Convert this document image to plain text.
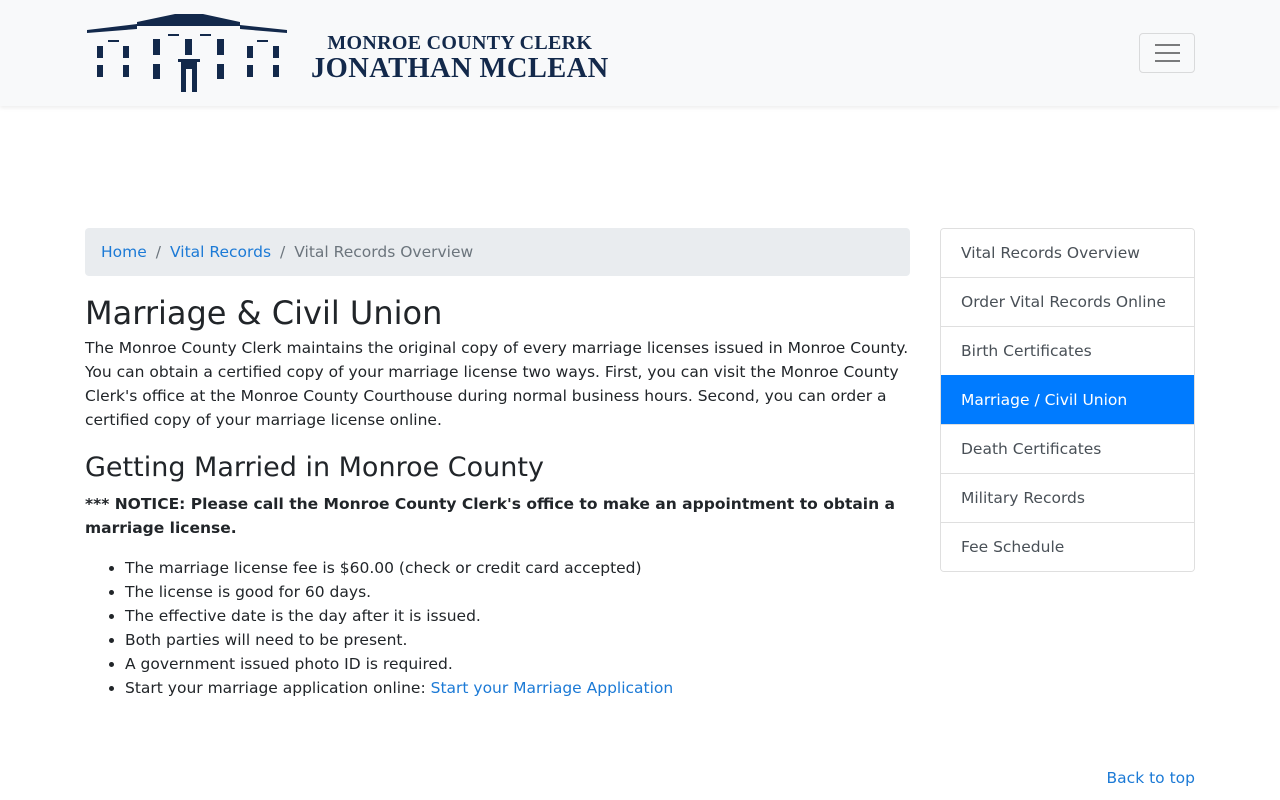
MONROE COUNTY CLERK
JONATHAN MCLEAN
Home / Vital Records / Vital Records Overview
Marriage & Civil Union

The Monroe County Clerk maintains the original copy of every marriage licenses issued in Monroe County. You can obtain a certified copy of your marriage license two ways. First, you can visit the Monroe County Clerk's office at the Monroe County Courthouse during normal business hours. Second, you can order a certified copy of your marriage license online.

Getting Married in Monroe County

*** NOTICE: Please call the Monroe County Clerk's office to make an appointment to obtain a marriage license.

• The marriage license fee is $60.00 (check or credit card accepted)
• The license is good for 60 days.
• The effective date is the day after it is issued.
• Both parties will need to be present.
• A government issued photo ID is required.
• Start your marriage application online: Start your Marriage Application
Vital Records Overview
Order Vital Records Online
Birth Certificates
Marriage / Civil Union
Death Certificates
Military Records
Fee Schedule
Back to top
